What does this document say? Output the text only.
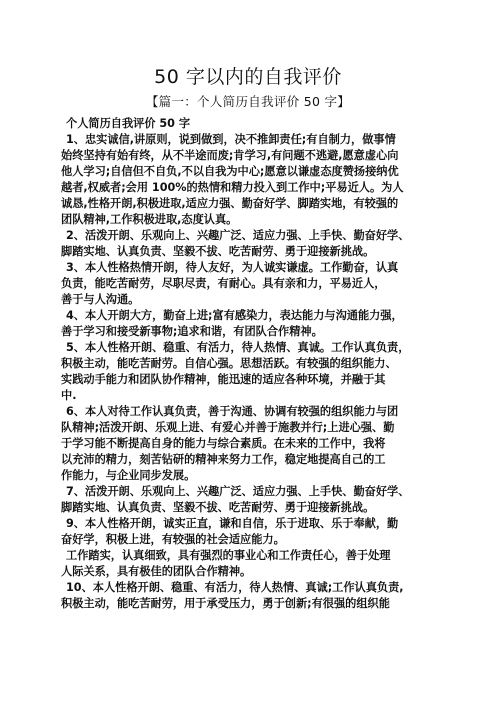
50 字以内的自我评价
【篇一：个人简历自我评价 50 字】
个人简历自我评价 50 字
1、忠实诚信,讲原则，说到做到，决不推卸责任;有自制力，做事情
始终坚持有始有终，从不半途而废;肯学习,有问题不逃避,愿意虚心向
他人学习;自信但不自负,不以自我为中心;愿意以谦虚态度赞扬接纳优
越者,权威者;会用 100%的热情和精力投入到工作中;平易近人。为人
诚恳,性格开朗,积极进取,适应力强、勤奋好学、脚踏实地，有较强的
团队精神,工作积极进取,态度认真。
2、活泼开朗、乐观向上、兴趣广泛、适应力强、上手快、勤奋好学、
脚踏实地、认真负责、坚毅不拔、吃苦耐劳、勇于迎接新挑战。
3、本人性格热情开朗，待人友好，为人诚实谦虚。工作勤奋，认真
负责，能吃苦耐劳，尽职尽责，有耐心。具有亲和力，平易近人，
善于与人沟通。
4、本人开朗大方，勤奋上进;富有感染力，表达能力与沟通能力强，
善于学习和接受新事物;追求和谐，有团队合作精神。
5、本人性格开朗、稳重、有活力，待人热情、真诚。工作认真负责，
积极主动，能吃苦耐劳。自信心强。思想活跃。有较强的组织能力、
实践动手能力和团队协作精神，能迅速的适应各种环境，并融于其
中.
6、本人对待工作认真负责，善于沟通、协调有较强的组织能力与团
队精神;活泼开朗、乐观上进、有爱心并善于施教并行;上进心强、勤
于学习能不断提高自身的能力与综合素质。在未来的工作中，我将
以充沛的精力，刻苦钻研的精神来努力工作，稳定地提高自己的工
作能力，与企业同步发展。
7、活泼开朗、乐观向上、兴趣广泛、适应力强、上手快、勤奋好学、
脚踏实地、认真负责、坚毅不拔、吃苦耐劳、勇于迎接新挑战。
9、本人性格开朗，诚实正直，谦和自信，乐于进取、乐于奉献，勤
奋好学，积极上进，有较强的社会适应能力。
工作踏实，认真细致，具有强烈的事业心和工作责任心，善于处理
人际关系，具有极佳的团队合作精神。
10、本人性格开朗、稳重、有活力，待人热情、真诚;工作认真负责,
积极主动，能吃苦耐劳，用于承受压力，勇于创新;有很强的组织能
